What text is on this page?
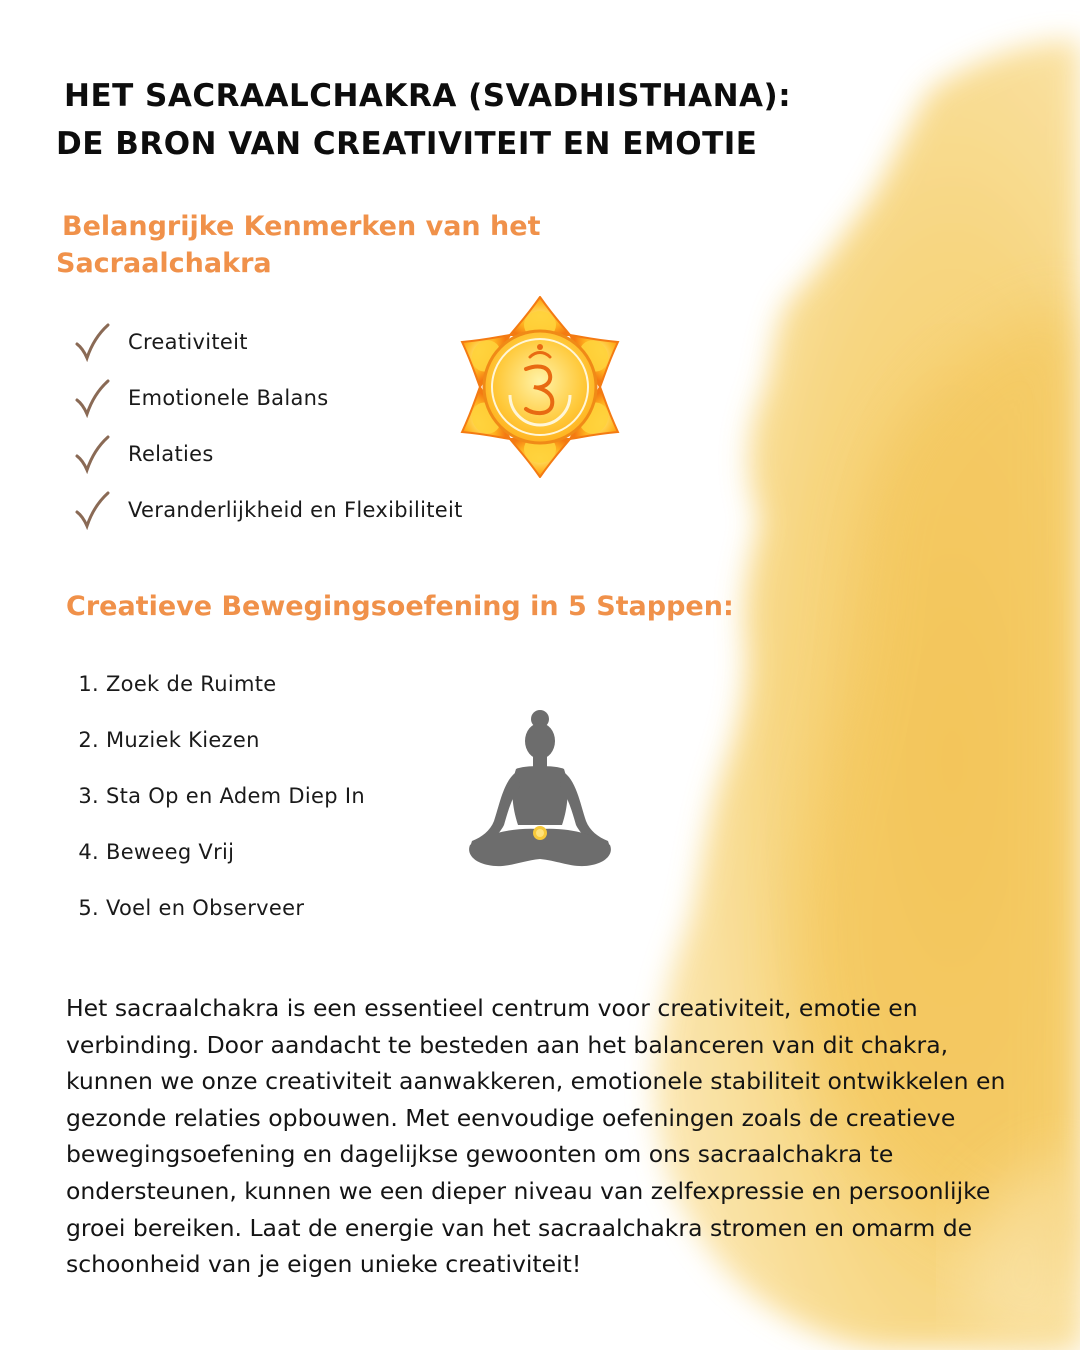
HET SACRAALCHAKRA (SVADHISTHANA):
DE BRON VAN CREATIVITEIT EN EMOTIE
Belangrijke Kenmerken van het
Sacraalchakra
Creativiteit
Emotionele Balans
Relaties
Veranderlijkheid en Flexibiliteit
Creatieve Bewegingsoefening in 5 Stappen:
1. Zoek de Ruimte
2. Muziek Kiezen
3. Sta Op en Adem Diep In
4. Beweeg Vrij
5. Voel en Observeer

Het sacraalchakra is een essentieel centrum voor creativiteit, emotie en verbinding. Door aandacht te besteden aan het balanceren van dit chakra, kunnen we onze creativiteit aanwakkeren, emotionele stabiliteit ontwikkelen en gezonde relaties opbouwen. Met eenvoudige oefeningen zoals de creatieve bewegingsoefening en dagelijkse gewoonten om ons sacraalchakra te ondersteunen, kunnen we een dieper niveau van zelfexpressie en persoonlijke groei bereiken. Laat de energie van het sacraalchakra stromen en omarm de schoonheid van je eigen unieke creativiteit!
